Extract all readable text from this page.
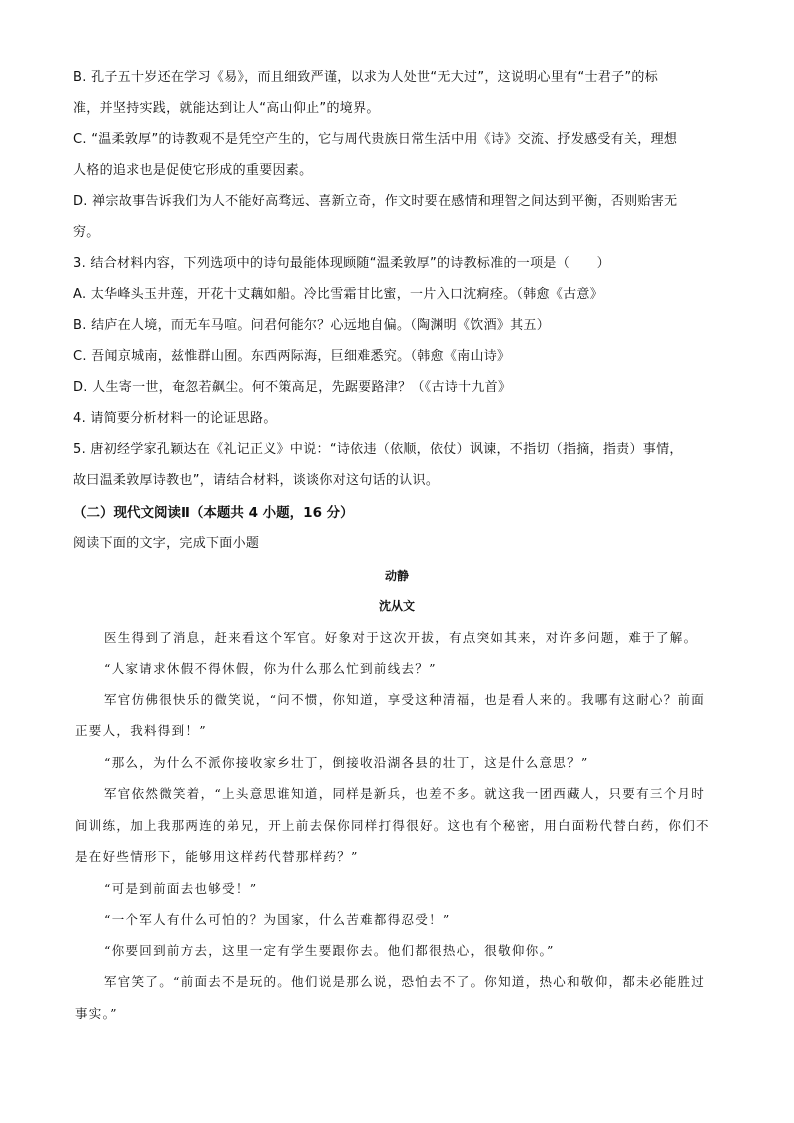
B. 孔子五十岁还在学习《易》，而且细致严谨，以求为人处世“无大过”，这说明心里有“士君子”的标
准，并坚持实践，就能达到让人“高山仰止”的境界。
C. “温柔敦厚”的诗教观不是凭空产生的，它与周代贵族日常生活中用《诗》交流、抒发感受有关，理想
人格的追求也是促使它形成的重要因素。
D. 禅宗故事告诉我们为人不能好高骛远、喜新立奇，作文时要在感情和理智之间达到平衡，否则贻害无
穷。
3. 结合材料内容，下列选项中的诗句最能体现顾随“温柔敦厚”的诗教标准的一项是（　　）
A. 太华峰头玉井莲，开花十丈藕如船。冷比雪霜甘比蜜，一片入口沈痾痊。（韩愈《古意》
B. 结庐在人境，而无车马喧。问君何能尔？心远地自偏。（陶渊明《饮酒》其五）
C. 吾闻京城南，兹惟群山囿。东西两际海，巨细难悉究。（韩愈《南山诗》
D. 人生寄一世，奄忽若飙尘。何不策高足，先踞要路津？（《古诗十九首》
4. 请简要分析材料一的论证思路。
5. 唐初经学家孔颖达在《礼记正义》中说：“诗依违（依顺，依仗）讽谏，不指切（指摘，指责）事情，
故曰温柔敦厚诗教也”，请结合材料，谈谈你对这句话的认识。
（二）现代文阅读Ⅱ（本题共 4 小题，16 分）
阅读下面的文字，完成下面小题
动静
沈从文
医生得到了消息，赶来看这个军官。好象对于这次开拔，有点突如其来，对许多问题，难于了解。
“人家请求休假不得休假，你为什么那么忙到前线去？”
军官仿佛很快乐的微笑说，“问不惯，你知道，享受这种清福，也是看人来的。我哪有这耐心？前面
正要人，我料得到！”
“那么，为什么不派你接收家乡壮丁，倒接收沿湖各县的壮丁，这是什么意思？”
军官依然微笑着，“上头意思谁知道，同样是新兵，也差不多。就这我一团西藏人，只要有三个月时
间训练，加上我那两连的弟兄，开上前去保你同样打得很好。这也有个秘密，用白面粉代替白药，你们不
是在好些情形下，能够用这样药代替那样药？”
“可是到前面去也够受！”
“一个军人有什么可怕的？为国家，什么苦难都得忍受！”
“你要回到前方去，这里一定有学生要跟你去。他们都很热心，很敬仰你。”
军官笑了。“前面去不是玩的。他们说是那么说，恐怕去不了。你知道，热心和敬仰，都未必能胜过
事实。”
